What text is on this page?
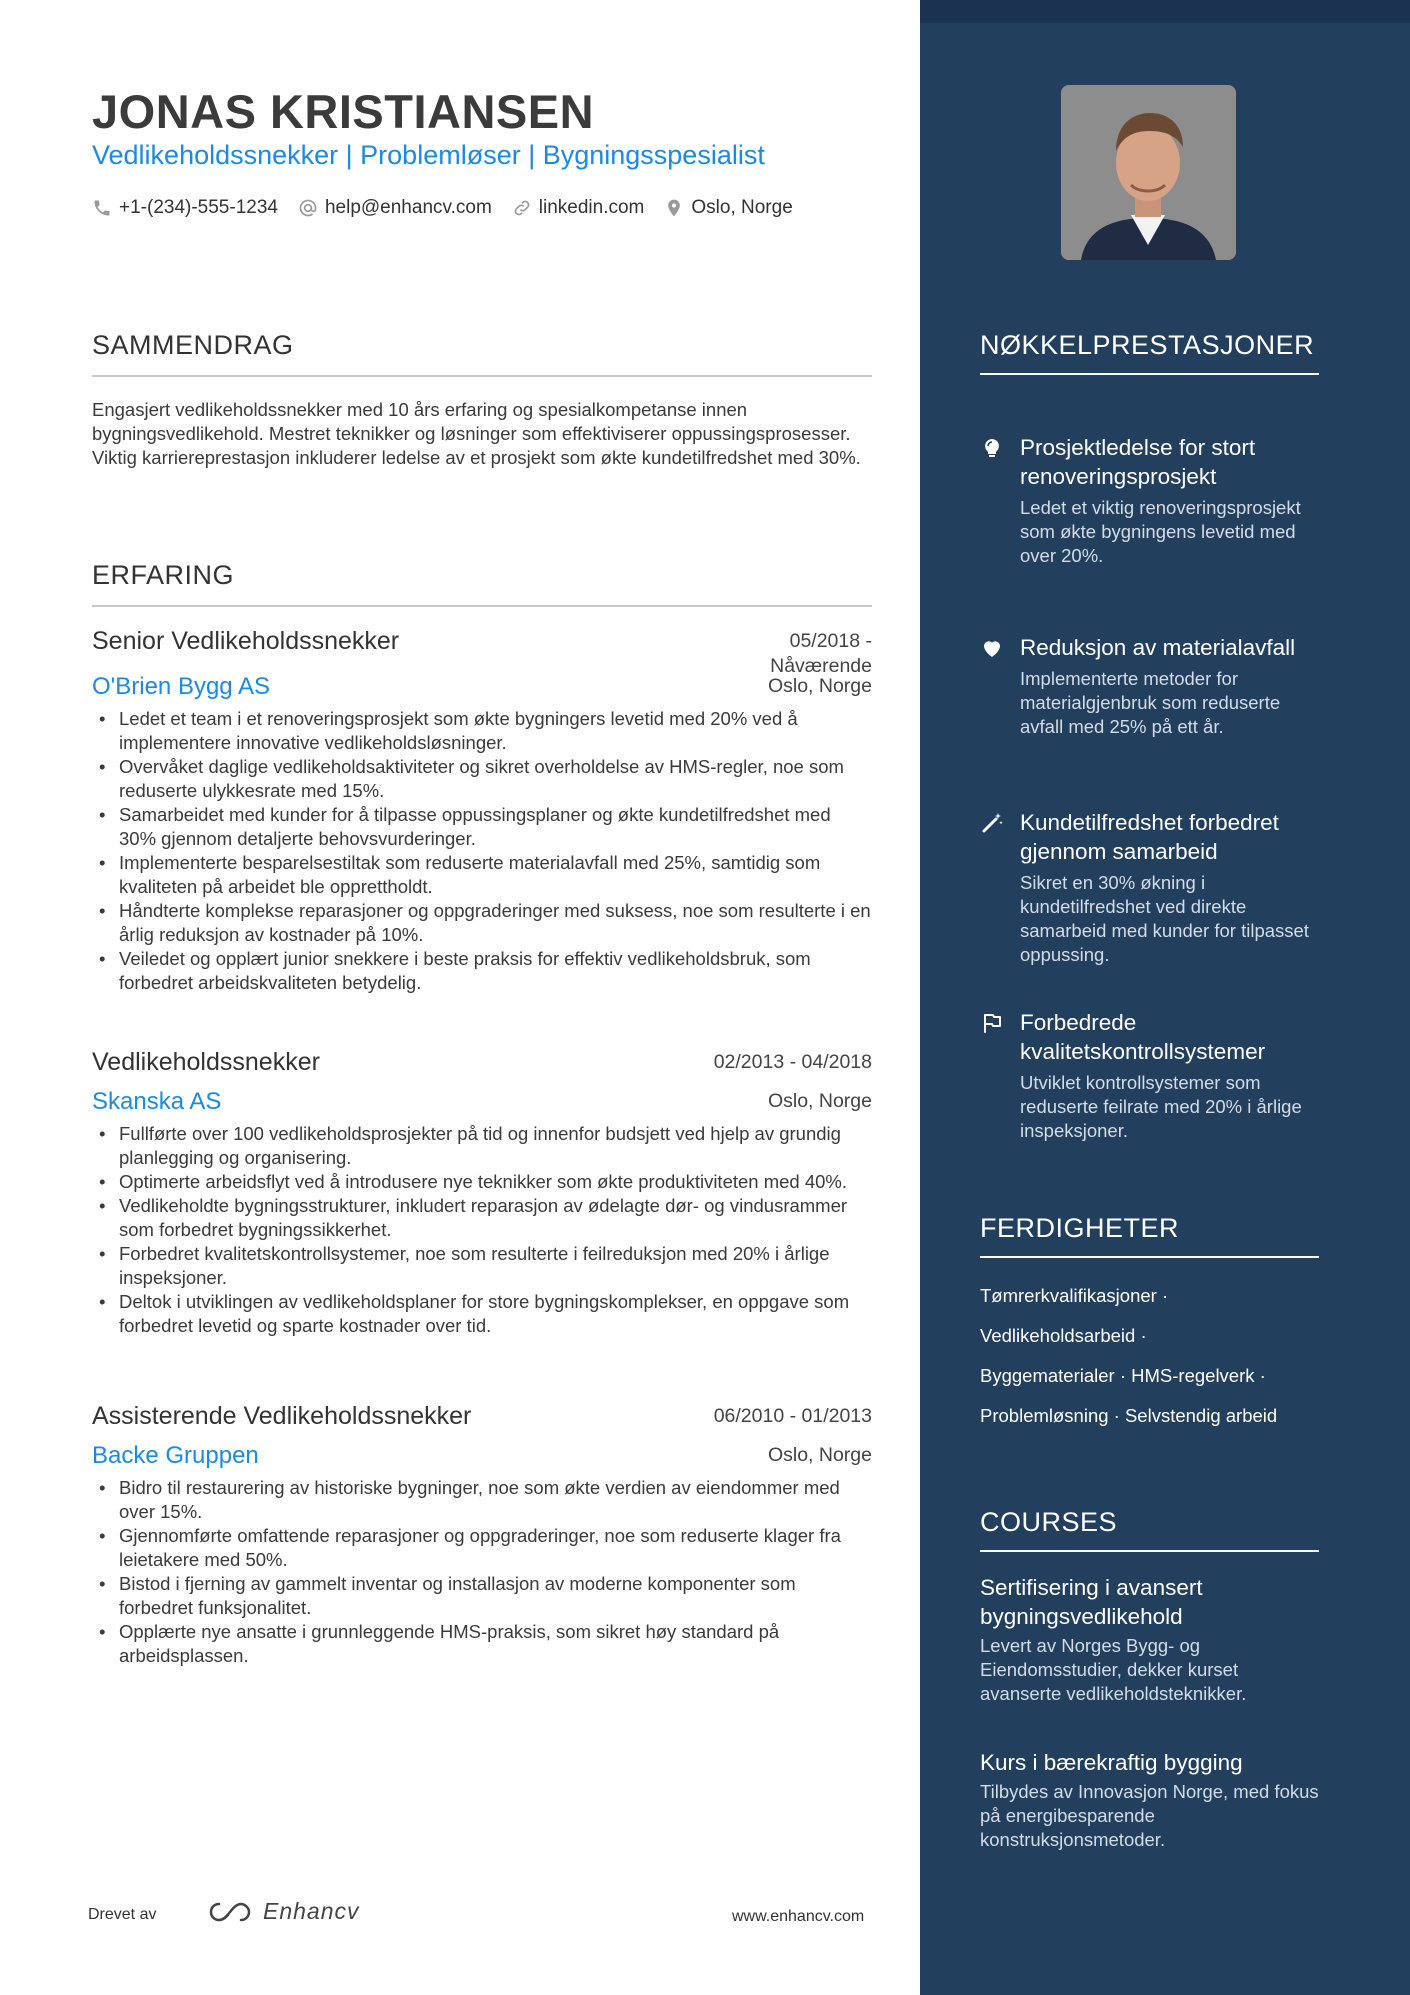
JONAS KRISTIANSEN
Vedlikeholdssnekker | Problemløser | Bygningsspesialist
+1-(234)-555-1234 help@enhancv.com linkedin.com Oslo, Norge
SAMMENDRAG
Engasjert vedlikeholdssnekker med 10 års erfaring og spesialkompetanse innen bygningsvedlikehold. Mestret teknikker og løsninger som effektiviserer oppussingsprosesser. Viktig karriereprestasjon inkluderer ledelse av et prosjekt som økte kundetilfredshet med 30%.
ERFARING
Senior Vedlikeholdssnekker	05/2018 -
Nåværende
O'Brien Bygg AS	Oslo, Norge
• Ledet et team i et renoveringsprosjekt som økte bygningers levetid med 20% ved å implementere innovative vedlikeholdsløsninger.
• Overvåket daglige vedlikeholdsaktiviteter og sikret overholdelse av HMS-regler, noe som reduserte ulykkesrate med 15%.
• Samarbeidet med kunder for å tilpasse oppussingsplaner og økte kundetilfredshet med 30% gjennom detaljerte behovsvurderinger.
• Implementerte besparelsestiltak som reduserte materialavfall med 25%, samtidig som kvaliteten på arbeidet ble opprettholdt.
• Håndterte komplekse reparasjoner og oppgraderinger med suksess, noe som resulterte i en årlig reduksjon av kostnader på 10%.
• Veiledet og opplært junior snekkere i beste praksis for effektiv vedlikeholdsbruk, som forbedret arbeidskvaliteten betydelig.
Vedlikeholdssnekker	02/2013 - 04/2018
Skanska AS	Oslo, Norge
• Fullførte over 100 vedlikeholdsprosjekter på tid og innenfor budsjett ved hjelp av grundig planlegging og organisering.
• Optimerte arbeidsflyt ved å introdusere nye teknikker som økte produktiviteten med 40%.
• Vedlikeholdte bygningsstrukturer, inkludert reparasjon av ødelagte dør- og vindusrammer som forbedret bygningssikkerhet.
• Forbedret kvalitetskontrollsystemer, noe som resulterte i feilreduksjon med 20% i årlige inspeksjoner.
• Deltok i utviklingen av vedlikeholdsplaner for store bygningskomplekser, en oppgave som forbedret levetid og sparte kostnader over tid.
Assisterende Vedlikeholdssnekker	06/2010 - 01/2013
Backe Gruppen	Oslo, Norge
• Bidro til restaurering av historiske bygninger, noe som økte verdien av eiendommer med over 15%.
• Gjennomførte omfattende reparasjoner og oppgraderinger, noe som reduserte klager fra leietakere med 50%.
• Bistod i fjerning av gammelt inventar og installasjon av moderne komponenter som forbedret funksjonalitet.
• Opplærte nye ansatte i grunnleggende HMS-praksis, som sikret høy standard på arbeidsplassen.
Drevet av	Enhancv	www.enhancv.com
NØKKELPRESTASJONER
Prosjektledelse for stort renoveringsprosjekt
Ledet et viktig renoveringsprosjekt som økte bygningens levetid med over 20%.
Reduksjon av materialavfall
Implementerte metoder for materialgjenbruk som reduserte avfall med 25% på ett år.
Kundetilfredshet forbedret gjennom samarbeid
Sikret en 30% økning i kundetilfredshet ved direkte samarbeid med kunder for tilpasset oppussing.
Forbedrede kvalitetskontrollsystemer
Utviklet kontrollsystemer som reduserte feilrate med 20% i årlige inspeksjoner.
FERDIGHETER
Tømrerkvalifikasjoner ·
Vedlikeholdsarbeid ·
Byggematerialer · HMS-regelverk ·
Problemløsning · Selvstendig arbeid
COURSES
Sertifisering i avansert bygningsvedlikehold
Levert av Norges Bygg- og Eiendomsstudier, dekker kurset avanserte vedlikeholdsteknikker.
Kurs i bærekraftig bygging
Tilbydes av Innovasjon Norge, med fokus på energibesparende konstruksjonsmetoder.
